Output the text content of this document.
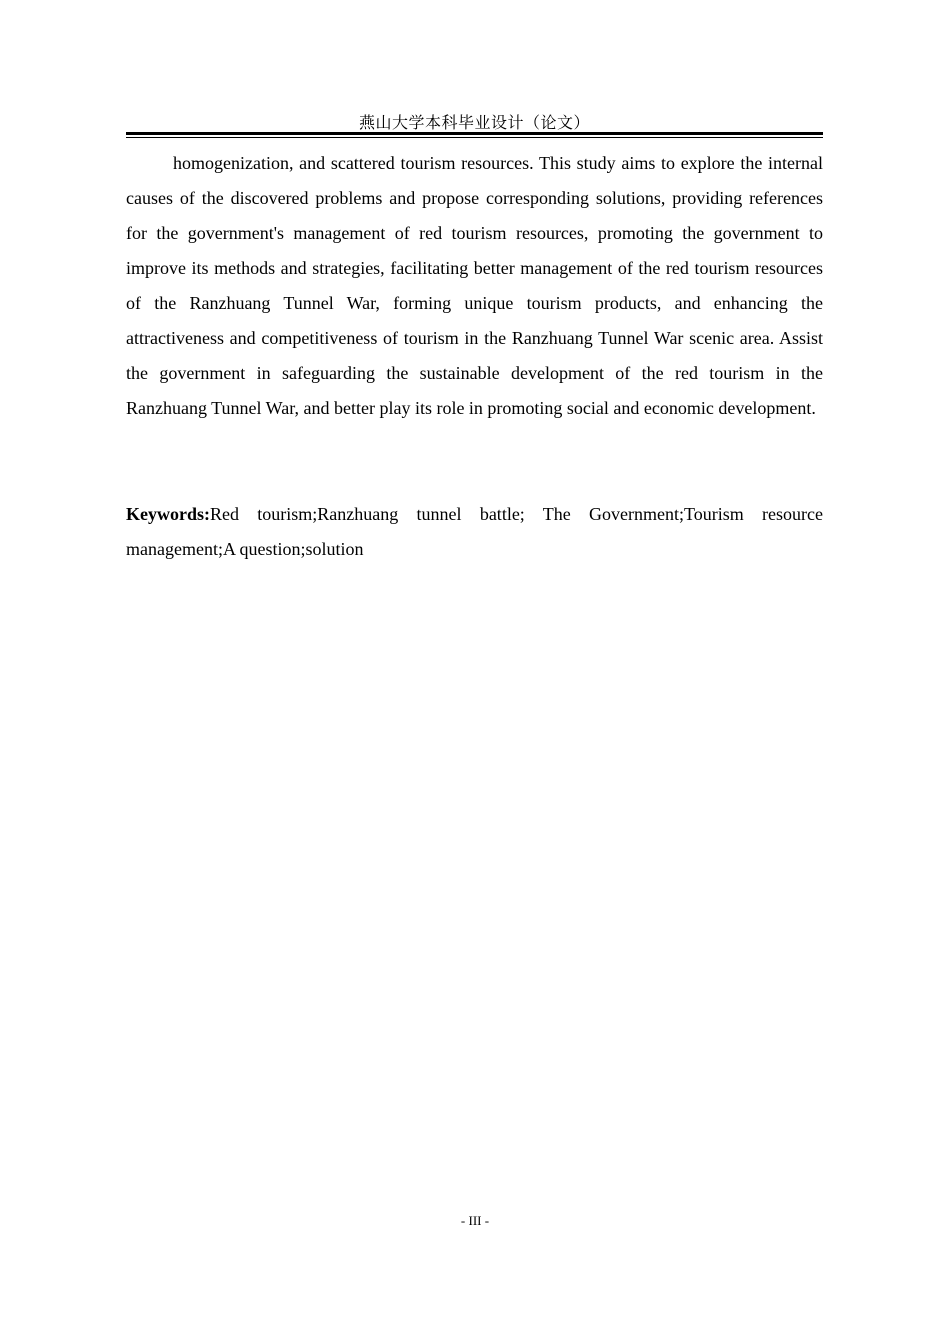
燕山大学本科毕业设计（论文）

homogenization, and scattered tourism resources. This study aims to explore the internal causes of the discovered problems and propose corresponding solutions, providing references for the government's management of red tourism resources, promoting the government to improve its methods and strategies, facilitating better management of the red tourism resources of the Ranzhuang Tunnel War, forming unique tourism products, and enhancing the attractiveness and competitiveness of tourism in the Ranzhuang Tunnel War scenic area. Assist the government in safeguarding the sustainable development of the red tourism in the Ranzhuang Tunnel War, and better play its role in promoting social and economic development.

Keywords:Red tourism;Ranzhuang tunnel battle; The Government;Tourism resource management;A question;solution

- III -
